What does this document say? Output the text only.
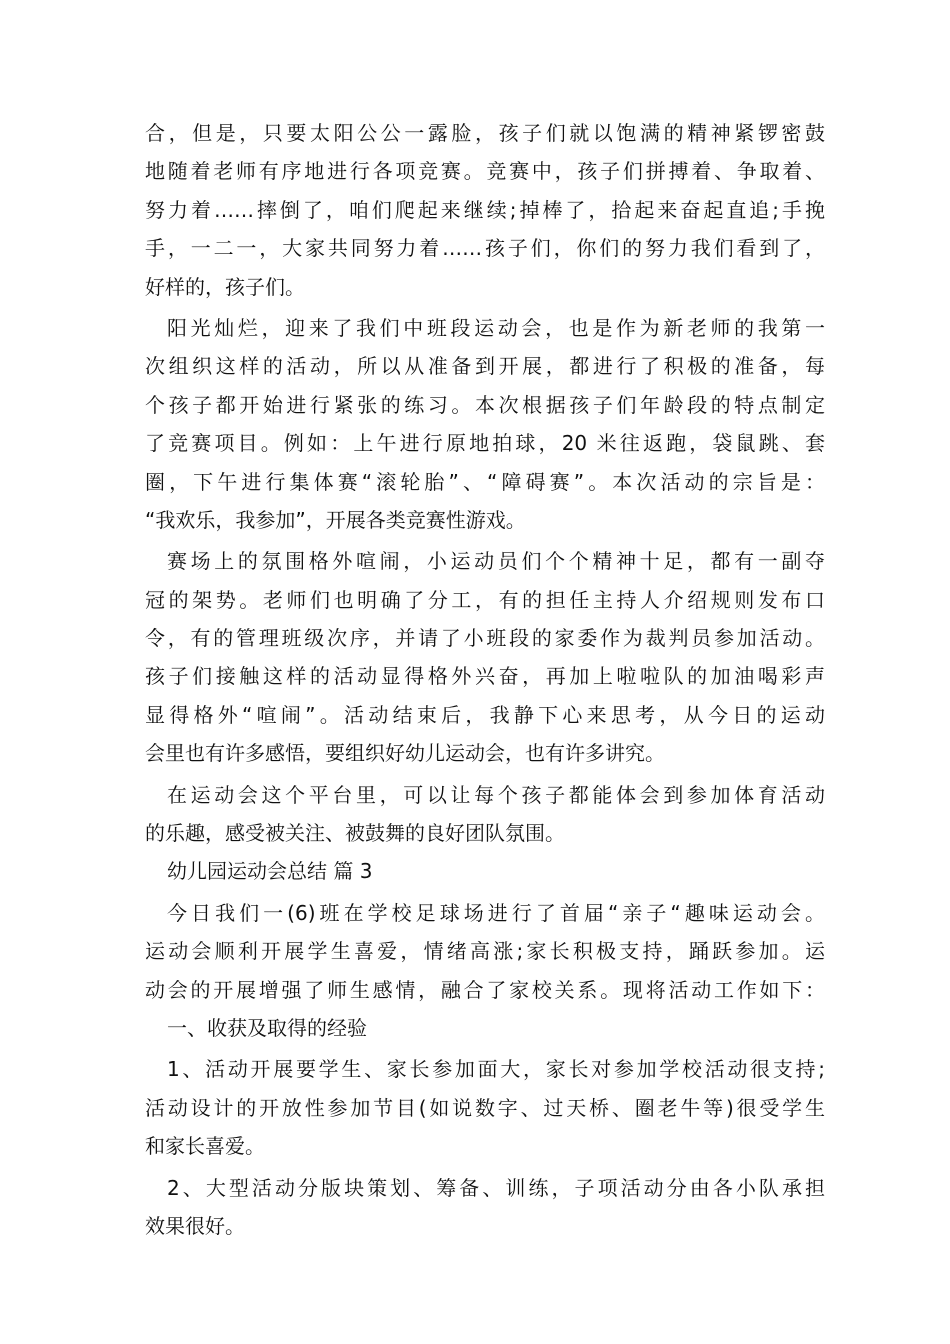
合，但是，只要太阳公公一露脸，孩子们就以饱满的精神紧锣密鼓
地随着老师有序地进行各项竞赛。竞赛中，孩子们拼搏着、争取着、
努力着……摔倒了，咱们爬起来继续;掉棒了，拾起来奋起直追;手挽
手，一二一，大家共同努力着……孩子们，你们的努力我们看到了，
好样的，孩子们。
阳光灿烂，迎来了我们中班段运动会，也是作为新老师的我第一
次组织这样的活动，所以从准备到开展，都进行了积极的准备，每
个孩子都开始进行紧张的练习。本次根据孩子们年龄段的特点制定
了竞赛项目。例如：上午进行原地拍球，20 米往返跑，袋鼠跳、套
圈，下午进行集体赛“滚轮胎”、“障碍赛”。本次活动的宗旨是：
“我欢乐，我参加”，开展各类竞赛性游戏。
赛场上的氛围格外喧闹，小运动员们个个精神十足，都有一副夺
冠的架势。老师们也明确了分工，有的担任主持人介绍规则发布口
令，有的管理班级次序，并请了小班段的家委作为裁判员参加活动。
孩子们接触这样的活动显得格外兴奋，再加上啦啦队的加油喝彩声
显得格外“喧闹”。活动结束后，我静下心来思考，从今日的运动
会里也有许多感悟，要组织好幼儿运动会，也有许多讲究。
在运动会这个平台里，可以让每个孩子都能体会到参加体育活动
的乐趣，感受被关注、被鼓舞的良好团队氛围。
幼儿园运动会总结 篇 3
今日我们一(6)班在学校足球场进行了首届“亲子“趣味运动会。
运动会顺利开展学生喜爱，情绪高涨;家长积极支持，踊跃参加。运
动会的开展增强了师生感情，融合了家校关系。现将活动工作如下：
一、收获及取得的经验
1、活动开展要学生、家长参加面大，家长对参加学校活动很支持;
活动设计的开放性参加节目(如说数字、过天桥、圈老牛等)很受学生
和家长喜爱。
2、大型活动分版块策划、筹备、训练，子项活动分由各小队承担
效果很好。
